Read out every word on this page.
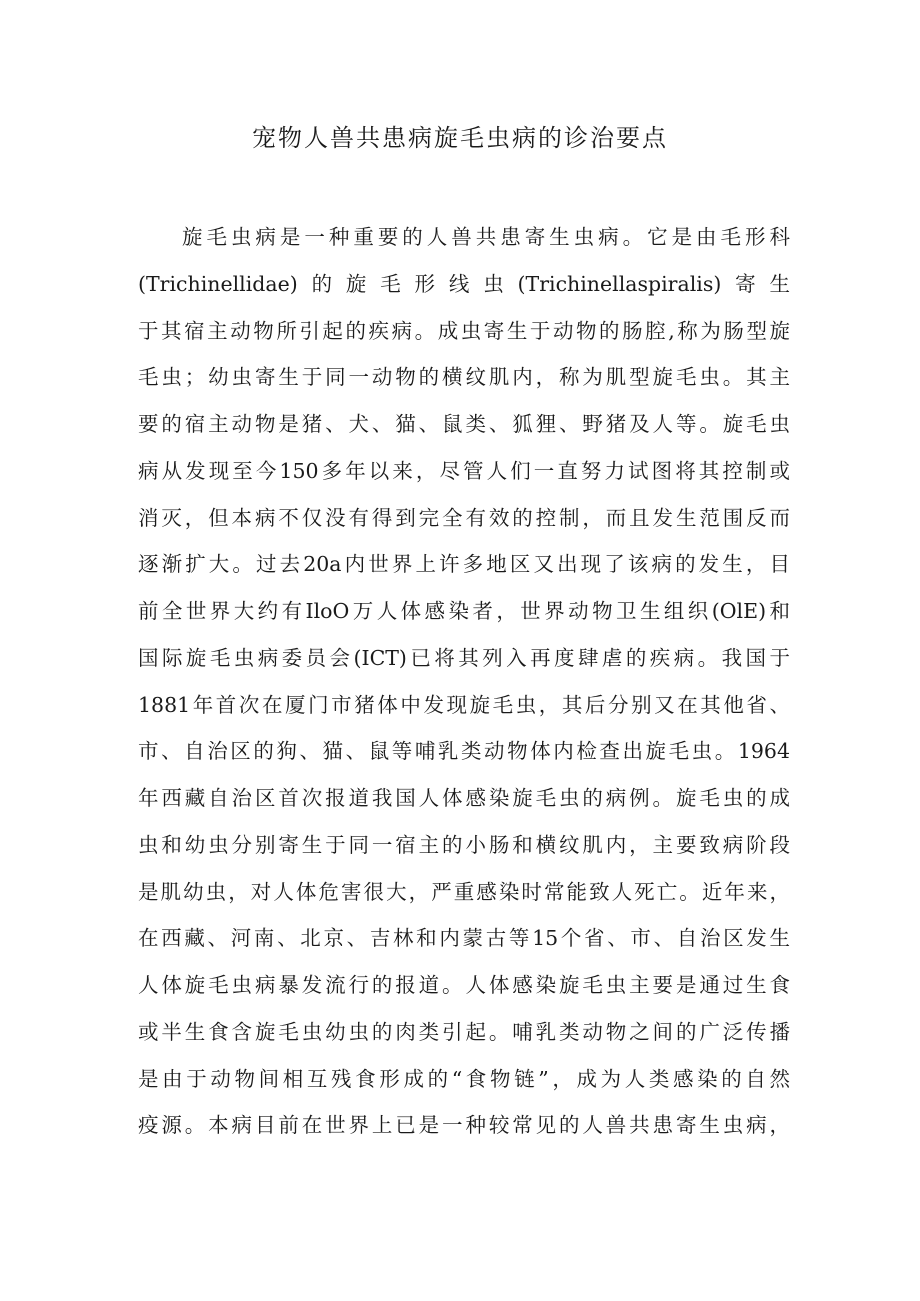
宠物人兽共患病旋毛虫病的诊治要点
旋毛虫病是一种重要的人兽共患寄生虫病。它是由毛形科
(Trichinellidae)的旋毛形线虫(Trichinellaspiralis)寄生
于其宿主动物所引起的疾病。成虫寄生于动物的肠腔,称为肠型旋
毛虫；幼虫寄生于同一动物的横纹肌内，称为肌型旋毛虫。其主
要的宿主动物是猪、犬、猫、鼠类、狐狸、野猪及人等。旋毛虫
病从发现至今150多年以来，尽管人们一直努力试图将其控制或
消灭，但本病不仅没有得到完全有效的控制，而且发生范围反而
逐渐扩大。过去20a内世界上许多地区又出现了该病的发生，目
前全世界大约有IloO万人体感染者，世界动物卫生组织(OlE)和
国际旋毛虫病委员会(ICT)已将其列入再度肆虐的疾病。我国于
1881年首次在厦门市猪体中发现旋毛虫，其后分别又在其他省、
市、自治区的狗、猫、鼠等哺乳类动物体内检查出旋毛虫。1964
年西藏自治区首次报道我国人体感染旋毛虫的病例。旋毛虫的成
虫和幼虫分别寄生于同一宿主的小肠和横纹肌内，主要致病阶段
是肌幼虫，对人体危害很大，严重感染时常能致人死亡。近年来，
在西藏、河南、北京、吉林和内蒙古等15个省、市、自治区发生
人体旋毛虫病暴发流行的报道。人体感染旋毛虫主要是通过生食
或半生食含旋毛虫幼虫的肉类引起。哺乳类动物之间的广泛传播
是由于动物间相互残食形成的“食物链”，成为人类感染的自然
疫源。本病目前在世界上已是一种较常见的人兽共患寄生虫病，
